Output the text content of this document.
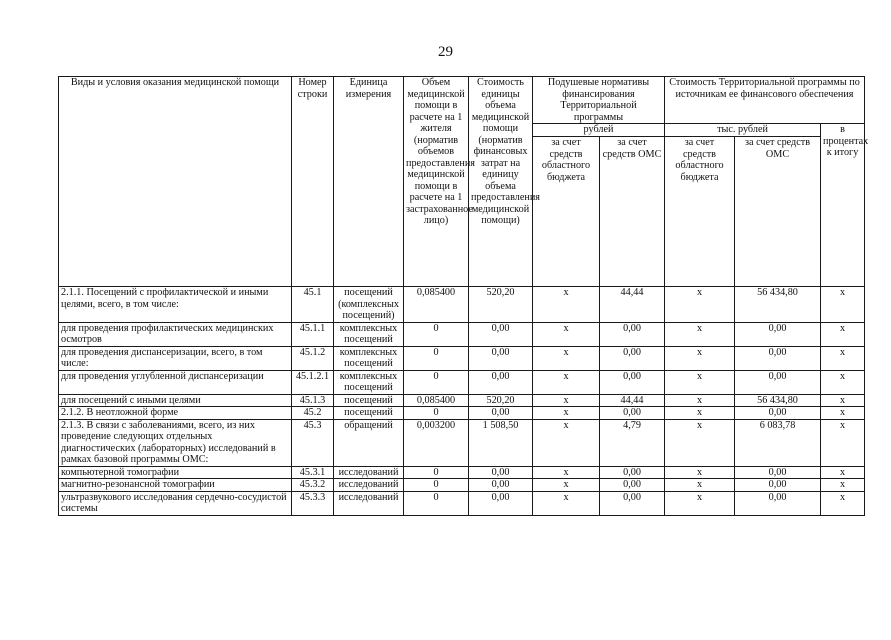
29
Виды и условия оказания медицинской помощи	Номер строки	Единица измерения	Объем медицинской помощи в расчете на 1 жителя (норматив объемов предоставления медицинской помощи в расчете на 1 застрахованное лицо)	Стоимость единицы объема медицинской помощи (норматив финансовых затрат на единицу объема предоставления медицинской помощи)	Подушевые нормативы финансирования Территориальной программы		Стоимость Территориальной программы по источникам ее финансового обеспечения		
					рублей		тыс. рублей		в процентах к итогу
					за счет средств областного бюджета	за счет средств ОМС	за счет средств областного бюджета	за счет средств ОМС	
2.1.1. Посещений с профилактической и иными целями, всего, в том числе:	45.1	посещений (комплексных посещений)	0,085400	520,20	х	44,44	х	56 434,80	х
для проведения профилактических медицинских осмотров	45.1.1	комплексных посещений	0	0,00	х	0,00	х	0,00	х
для проведения диспансеризации, всего, в том числе:	45.1.2	комплексных посещений	0	0,00	х	0,00	х	0,00	х
для проведения углубленной диспансеризации	45.1.2.1	комплексных посещений	0	0,00	х	0,00	х	0,00	х
для посещений с иными целями	45.1.3	посещений	0,085400	520,20	х	44,44	х	56 434,80	х
2.1.2. В неотложной форме	45.2	посещений	0	0,00	х	0,00	х	0,00	х
2.1.3. В связи с заболеваниями, всего, из них проведение следующих отдельных диагностических (лабораторных) исследований в рамках базовой программы ОМС:	45.3	обращений	0,003200	1 508,50	х	4,79	х	6 083,78	х
компьютерной томографии	45.3.1	исследований	0	0,00	х	0,00	х	0,00	х
магнитно-резонансной томографии	45.3.2	исследований	0	0,00	х	0,00	х	0,00	х
ультразвукового исследования сердечно-сосудистой системы	45.3.3	исследований	0	0,00	х	0,00	х	0,00	х
